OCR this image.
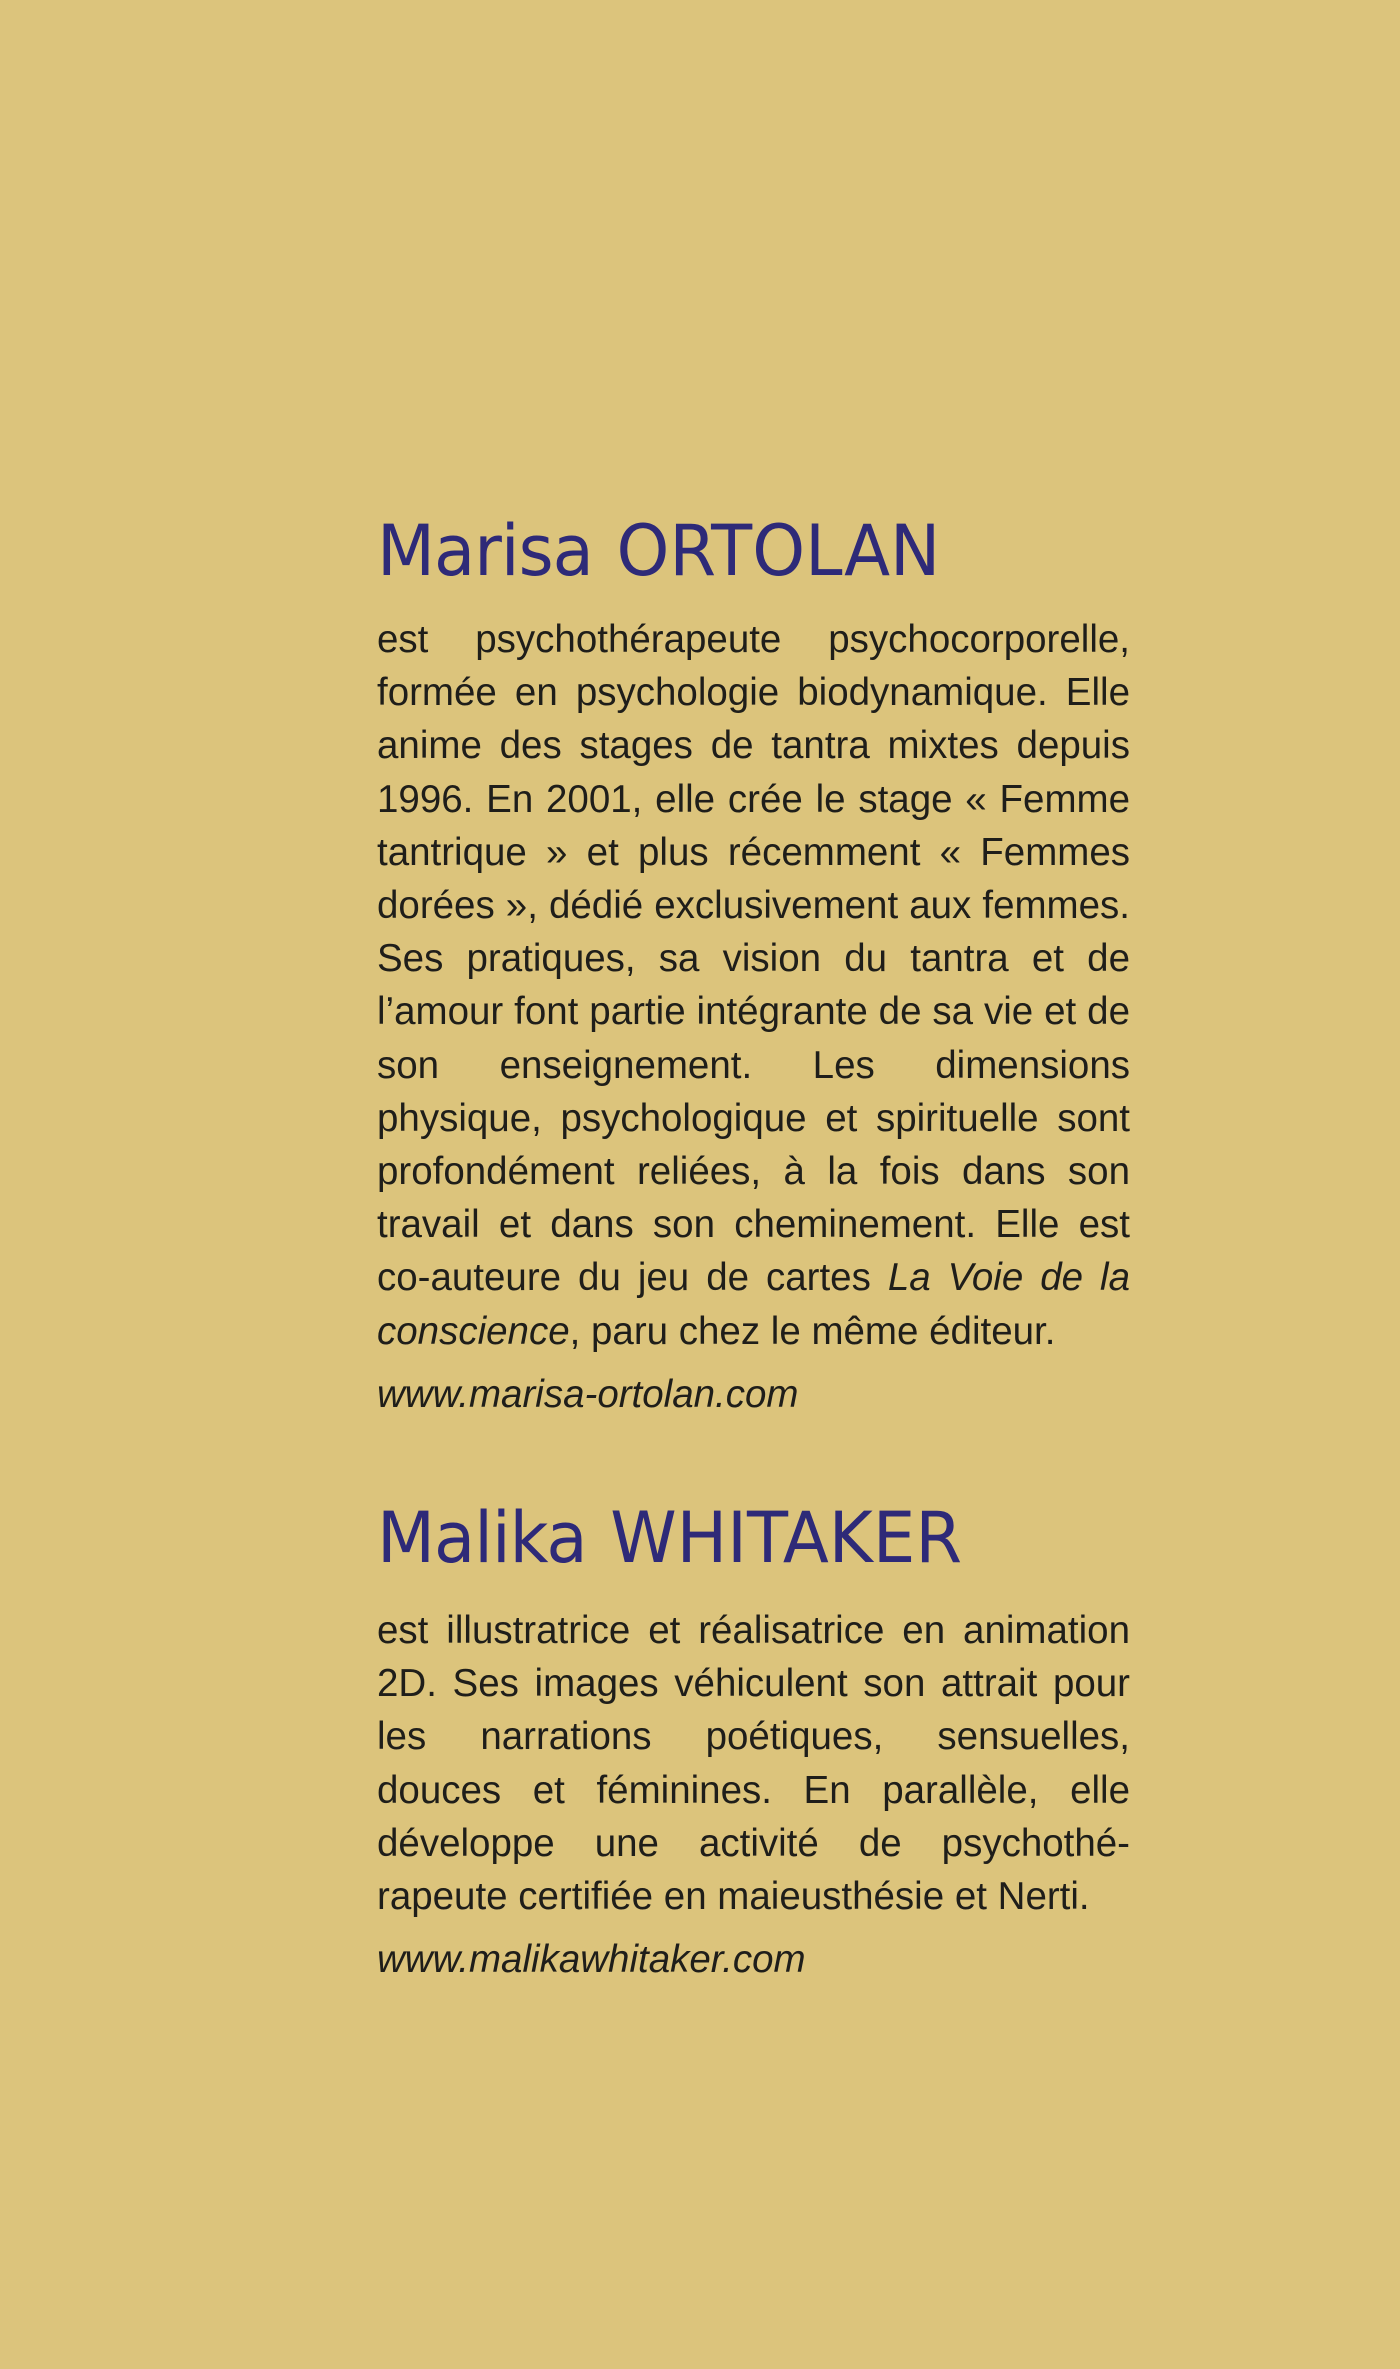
Marisa ORTOLAN

est psychothérapeute psychocorporelle, formée en psychologie biodynamique. Elle anime des stages de tantra mixtes depuis 1996. En 2001, elle crée le stage « Femme tantrique » et plus récemment « Femmes dorées », dédié exclusivement aux femmes. Ses pratiques, sa vision du tantra et de l’amour font partie intégrante de sa vie et de son enseignement. Les dimensions physique, psychologique et spirituelle sont profondément reliées, à la fois dans son travail et dans son cheminement. Elle est co-auteure du jeu de cartes La Voie de la conscience, paru chez le même éditeur.

www.marisa-ortolan.com

Malika WHITAKER

est illustratrice et réalisatrice en animation 2D. Ses images véhiculent son attrait pour les narrations poétiques, sensuelles, douces et féminines. En parallèle, elle développe une activité de psychothé-rapeute certifiée en maieusthésie et Nerti.

www.malikawhitaker.com
